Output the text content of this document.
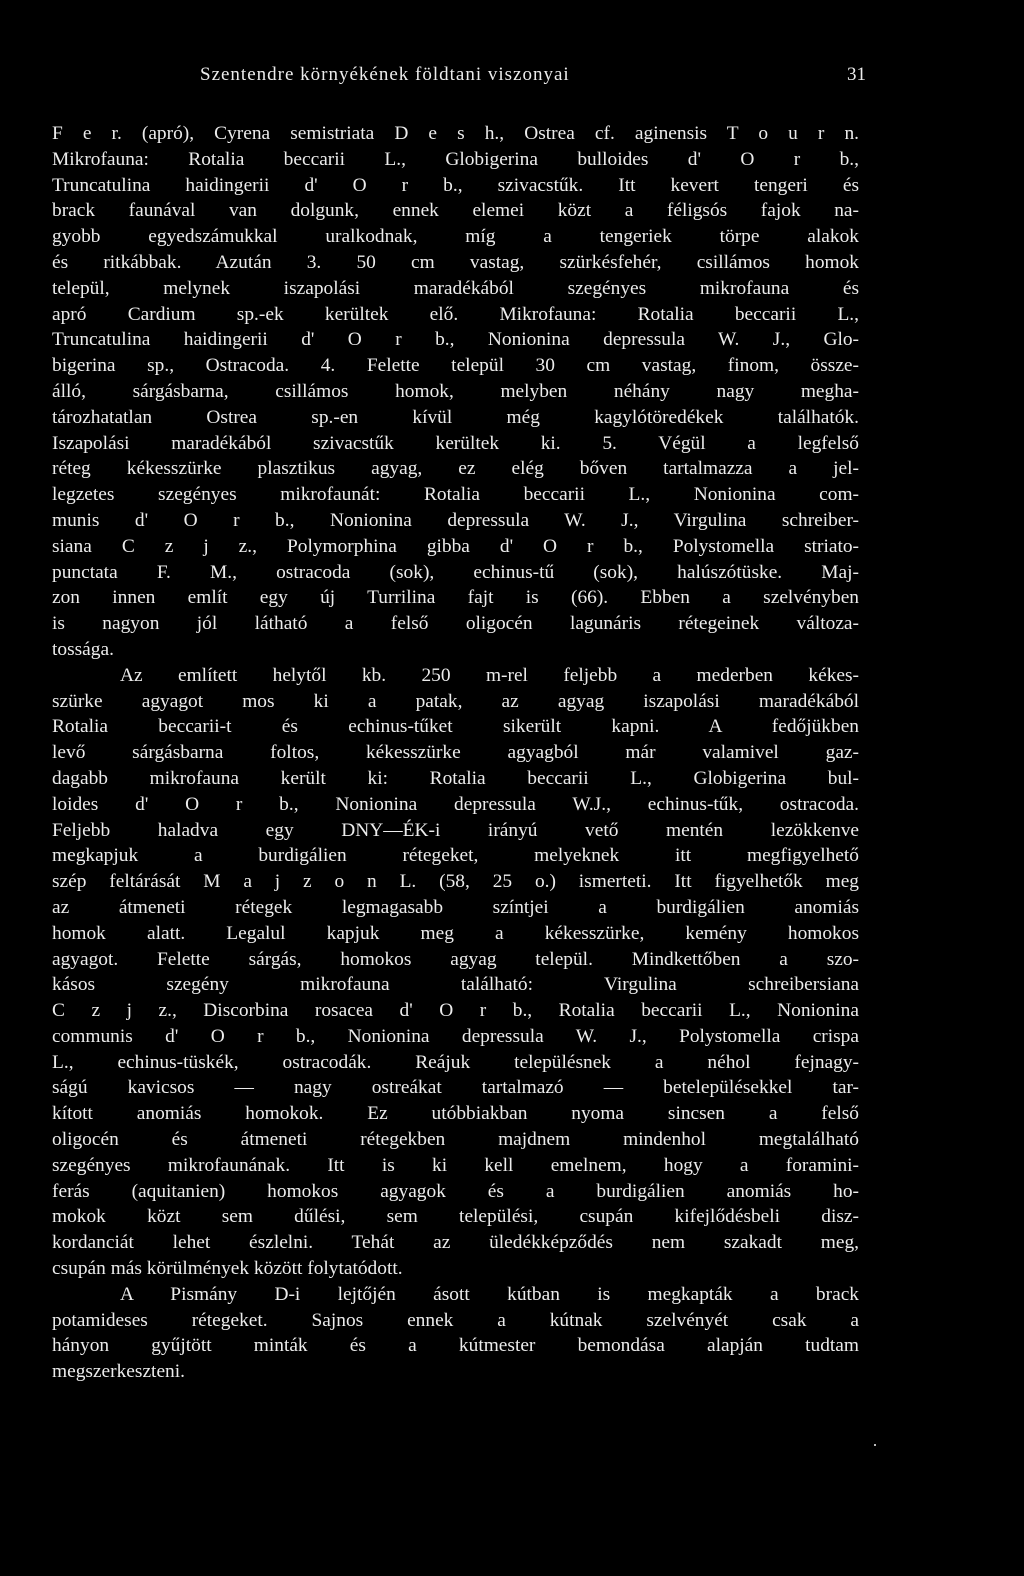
Szentendre környékének földtani viszonyai	31
F e r. (apró), Cyrena semistriata D e s h., Ostrea cf. aginensis T o u r n.
Mikrofauna: Rotalia beccarii L., Globigerina bulloides d' O r b.,
Truncatulina haidingerii d' O r b., szivacstűk. Itt kevert tengeri és
brack faunával van dolgunk, ennek elemei közt a féligsós fajok na-
gyobb egyedszámukkal uralkodnak, míg a tengeriek törpe alakok
és ritkábbak. Azután 3. 50 cm vastag, szürkésfehér, csillámos homok
települ, melynek iszapolási maradékából szegényes mikrofauna és
apró Cardium sp.-ek kerültek elő. Mikrofauna: Rotalia beccarii L.,
Truncatulina haidingerii d' O r b., Nonionina depressula W. J., Glo-
bigerina sp., Ostracoda. 4. Felette települ 30 cm vastag, finom, össze-
álló, sárgásbarna, csillámos homok, melyben néhány nagy megha-
tározhatatlan Ostrea sp.-en kívül még kagylótöredékek találhatók.
Iszapolási maradékából szivacstűk kerültek ki. 5. Végül a legfelső
réteg kékesszürke plasztikus agyag, ez elég bőven tartalmazza a jel-
legzetes szegényes mikrofaunát: Rotalia beccarii L., Nonionina com-
munis d' O r b., Nonionina depressula W. J., Virgulina schreiber-
siana C z j z., Polymorphina gibba d' O r b., Polystomella striato-
punctata F. M., ostracoda (sok), echinus-tű (sok), halúszótüske. Maj-
zon innen említ egy új Turrilina fajt is (66). Ebben a szelvényben
is nagyon jól látható a felső oligocén lagunáris rétegeinek változa-
tossága.
Az említett helytől kb. 250 m-rel feljebb a mederben kékes-
szürke agyagot mos ki a patak, az agyag iszapolási maradékából
Rotalia beccarii-t és echinus-tűket sikerült kapni. A fedőjükben
levő sárgásbarna foltos, kékesszürke agyagból már valamivel gaz-
dagabb mikrofauna került ki: Rotalia beccarii L., Globigerina bul-
loides d' O r b., Nonionina depressula W.J., echinus-tűk, ostracoda.
Feljebb haladva egy DNY—ÉK-i irányú vető mentén lezökkenve
megkapjuk a burdigálien rétegeket, melyeknek itt megfigyelhető
szép feltárását M a j z o n L. (58, 25 o.) ismerteti. Itt figyelhetők meg
az átmeneti rétegek legmagasabb színtjei a burdigálien anomiás
homok alatt. Legalul kapjuk meg a kékesszürke, kemény homokos
agyagot. Felette sárgás, homokos agyag települ. Mindkettőben a szo-
kásos szegény mikrofauna található: Virgulina schreibersiana
C z j z., Discorbina rosacea d' O r b., Rotalia beccarii L., Nonionina
communis d' O r b., Nonionina depressula W. J., Polystomella crispa
L., echinus-tüskék, ostracodák. Reájuk településnek a néhol fejnagy-
ságú kavicsos — nagy ostreákat tartalmazó — betelepülésekkel tar-
kított anomiás homokok. Ez utóbbiakban nyoma sincsen a felső
oligocén és átmeneti rétegekben majdnem mindenhol megtalálható
szegényes mikrofaunának. Itt is ki kell emelnem, hogy a foramini-
ferás (aquitanien) homokos agyagok és a burdigálien anomiás ho-
mokok közt sem dűlési, sem települési, csupán kifejlődésbeli disz-
kordanciát lehet észlelni. Tehát az üledékképződés nem szakadt meg,
csupán más körülmények között folytatódott.
A Pismány D-i lejtőjén ásott kútban is megkapták a brack
potamideses rétegeket. Sajnos ennek a kútnak szelvényét csak a
hányon gyűjtött minták és a kútmester bemondása alapján tudtam
megszerkeszteni.
